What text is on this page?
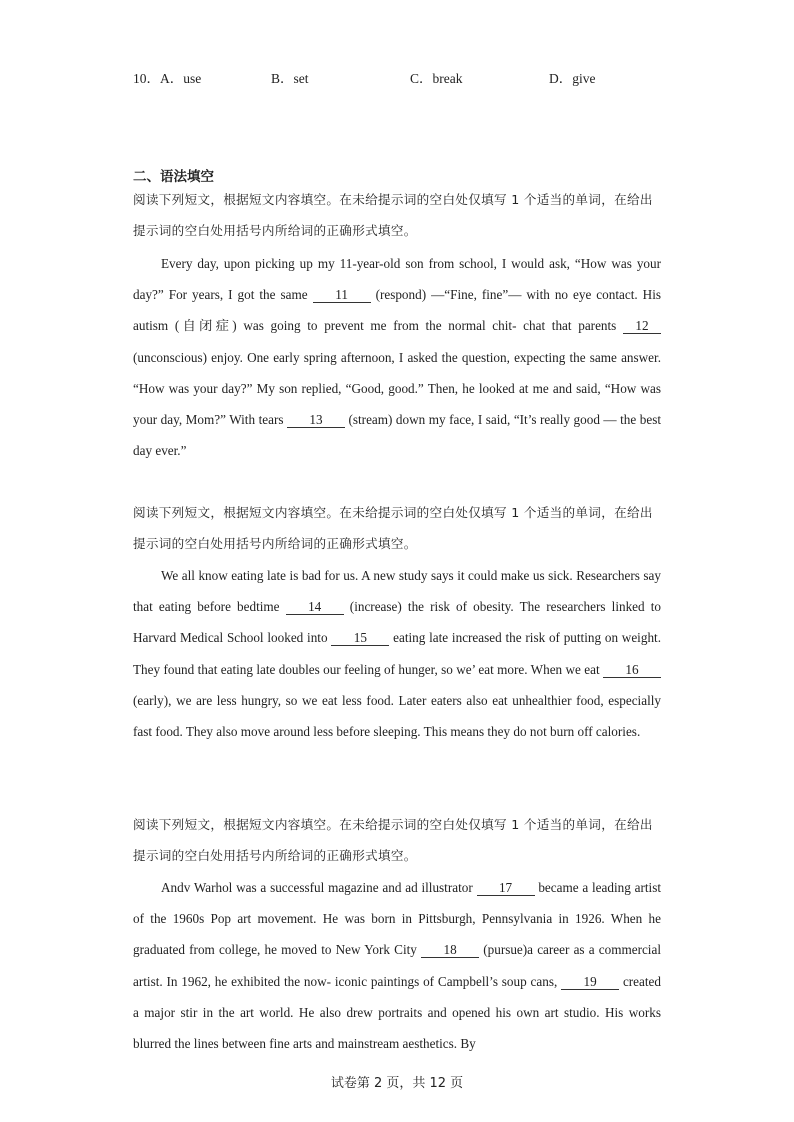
10．A．use	B．set	C．break	D．give
二、语法填空
阅读下列短文，根据短文内容填空。在未给提示词的空白处仅填写 1 个适当的单词，在给出提示词的空白处用括号内所给词的正确形式填空。
Every day, upon picking up my 11-year-old son from school, I would ask, “How was your day?” For years, I got the same 11 (respond) —“Fine, fine”— with no eye contact. His autism (自闭症) was going to prevent me from the normal chit- chat that parents 12 (unconscious) enjoy. One early spring afternoon, I asked the question, expecting the same answer. “How was your day?” My son replied, “Good, good.” Then, he looked at me and said, “How was your day, Mom?” With tears 13 (stream) down my face, I said, “It’s really good — the best day ever.”
阅读下列短文，根据短文内容填空。在未给提示词的空白处仅填写 1 个适当的单词，在给出提示词的空白处用括号内所给词的正确形式填空。
We all know eating late is bad for us. A new study says it could make us sick. Researchers say that eating before bedtime 14 (increase) the risk of obesity. The researchers linked to Harvard Medical School looked into 15 eating late increased the risk of putting on weight. They found that eating late doubles our feeling of hunger, so we’ eat more. When we eat 16 (early), we are less hungry, so we eat less food. Later eaters also eat unhealthier food, especially fast food. They also move around less before sleeping. This means they do not burn off calories.
阅读下列短文，根据短文内容填空。在未给提示词的空白处仅填写 1 个适当的单词，在给出提示词的空白处用括号内所给词的正确形式填空。
Andv Warhol was a successful magazine and ad illustrator 17 became a leading artist of the 1960s Pop art movement. He was born in Pittsburgh, Pennsylvania in 1926. When he graduated from college, he moved to New York City 18 (pursue)a career as a commercial artist. In 1962, he exhibited the now- iconic paintings of Campbell’s soup cans, 19 created a major stir in the art world. He also drew portraits and opened his own art studio. His works blurred the lines between fine arts and mainstream aesthetics. By
试卷第 2 页，共 12 页
